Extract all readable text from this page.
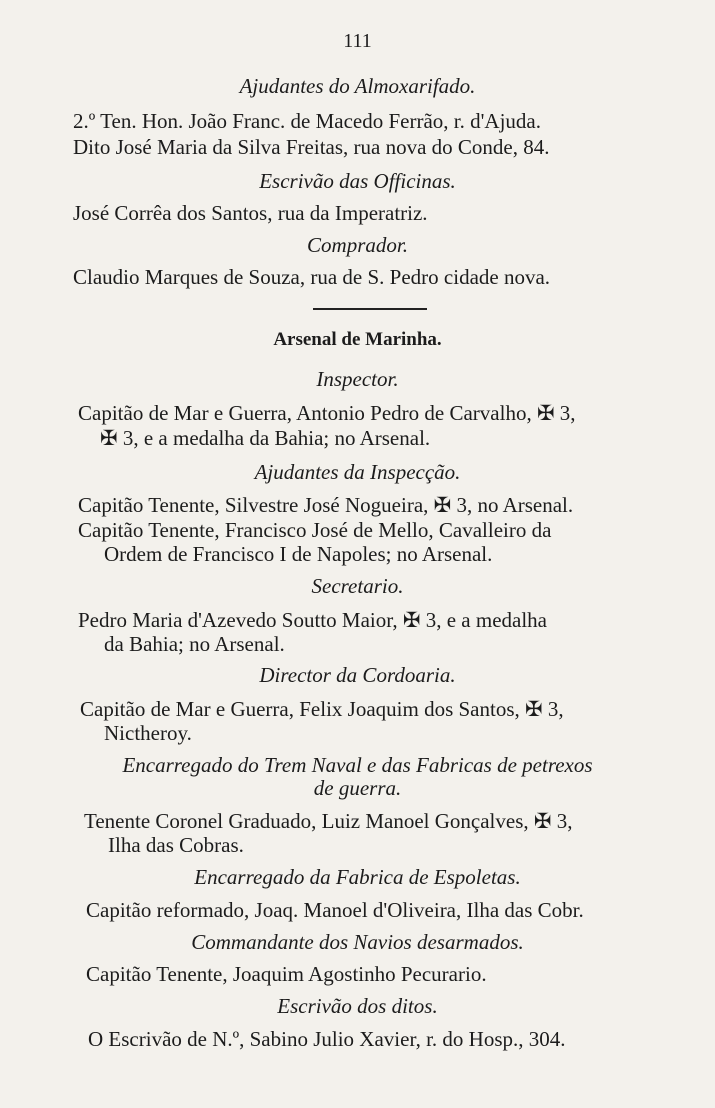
111
Ajudantes do Almoxarifado.
2.º Ten. Hon. João Franc. de Macedo Ferrão, r. d'Ajuda.
Dito José Maria da Silva Freitas, rua nova do Conde, 84.
Escrivão das Officinas.
José Corrêa dos Santos, rua da Imperatriz.
Comprador.
Claudio Marques de Souza, rua de S. Pedro cidade nova.
Arsenal de Marinha.
Inspector.
Capitão de Mar e Guerra, Antonio Pedro de Carvalho, ✠ 3,
✠ 3, e a medalha da Bahia; no Arsenal.
Ajudantes da Inspecção.
Capitão Tenente, Silvestre José Nogueira, ✠ 3, no Arsenal.
Capitão Tenente, Francisco José de Mello, Cavalleiro da
Ordem de Francisco I de Napoles; no Arsenal.
Secretario.
Pedro Maria d'Azevedo Soutto Maior, ✠ 3, e a medalha
da Bahia; no Arsenal.
Director da Cordoaria.
Capitão de Mar e Guerra, Felix Joaquim dos Santos, ✠ 3,
Nictheroy.
Encarregado do Trem Naval e das Fabricas de petrexos
de guerra.
Tenente Coronel Graduado, Luiz Manoel Gonçalves, ✠ 3,
Ilha das Cobras.
Encarregado da Fabrica de Espoletas.
Capitão reformado, Joaq. Manoel d'Oliveira, Ilha das Cobr.
Commandante dos Navios desarmados.
Capitão Tenente, Joaquim Agostinho Pecurario.
Escrivão dos ditos.
O Escrivão de N.º, Sabino Julio Xavier, r. do Hosp., 304.
